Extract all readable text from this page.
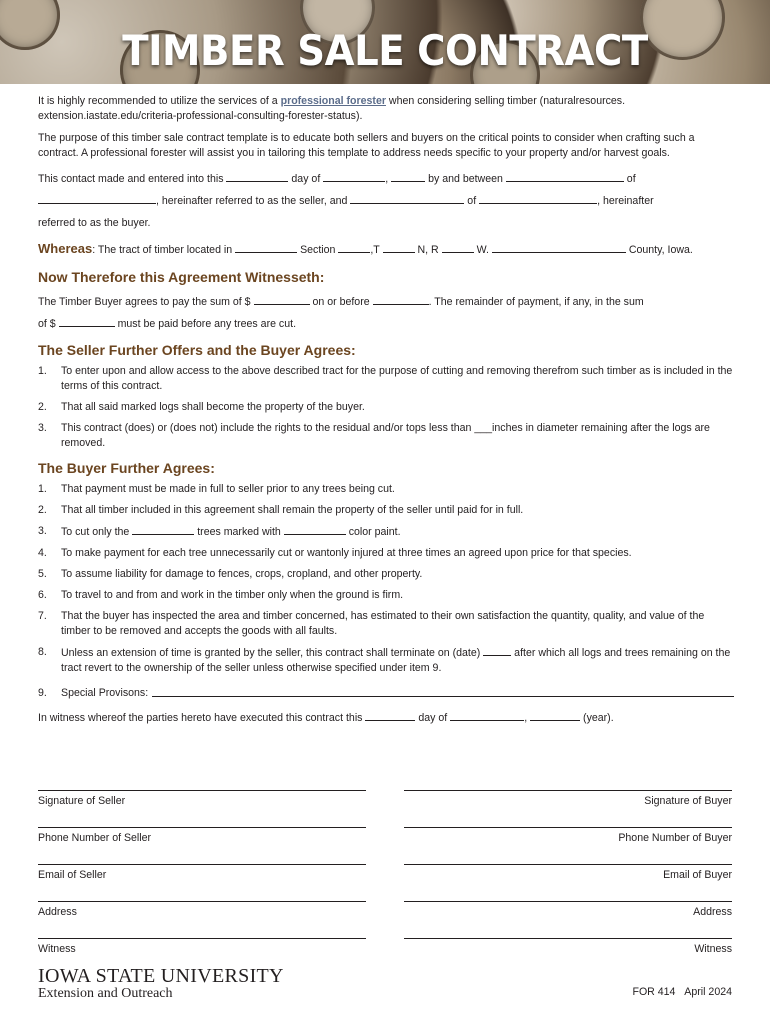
TIMBER SALE CONTRACT
It is highly recommended to utilize the services of a professional forester when considering selling timber (naturalresources. extension.iastate.edu/criteria-professional-consulting-forester-status).
The purpose of this timber sale contract template is to educate both sellers and buyers on the critical points to consider when crafting such a contract. A professional forester will assist you in tailoring this template to address needs specific to your property and/or harvest goals.
This contact made and entered into this	day of	,	by and between	of
, hereinafter referred to as the seller, and	of	, hereinafter
referred to as the buyer.
Whereas: The tract of timber located in	Section	,T	N, R	W.	County, Iowa.
Now Therefore this Agreement Witnesseth:
The Timber Buyer agrees to pay the sum of $	on or before	. The remainder of payment, if any, in the sum
of $	must be paid before any trees are cut.
The Seller Further Offers and the Buyer Agrees:
1.	To enter upon and allow access to the above described tract for the purpose of cutting and removing therefrom such timber as is included in the terms of this contract.
2.	That all said marked logs shall become the property of the buyer.
3.	This contract (does) or (does not) include the rights to the residual and/or tops less than ___inches in diameter remaining after the logs are removed.
The Buyer Further Agrees:
1.	That payment must be made in full to seller prior to any trees being cut.
2.	That all timber included in this agreement shall remain the property of the seller until paid for in full.
3.	To cut only the	trees marked with	color paint.
4.	To make payment for each tree unnecessarily cut or wantonly injured at three times an agreed upon price for that species.
5.	To assume liability for damage to fences, crops, cropland, and other property.
6.	To travel to and from and work in the timber only when the ground is firm.
7.	That the buyer has inspected the area and timber concerned, has estimated to their own satisfaction the quantity, quality, and value of the timber to be removed and accepts the goods with all faults.
8.	Unless an extension of time is granted by the seller, this contract shall terminate on (date)	after which all logs and trees remaining on the tract revert to the ownership of the seller unless otherwise specified under item 9.
9.	Special Provisons:
In witness whereof the parties hereto have executed this contract this	day of	,	(year).
Signature of Seller	Signature of Buyer
Phone Number of Seller	Phone Number of Buyer
Email of Seller	Email of Buyer
Address	Address
Witness	Witness
IOWA STATE UNIVERSITY
Extension and Outreach	FOR 414 April 2024
